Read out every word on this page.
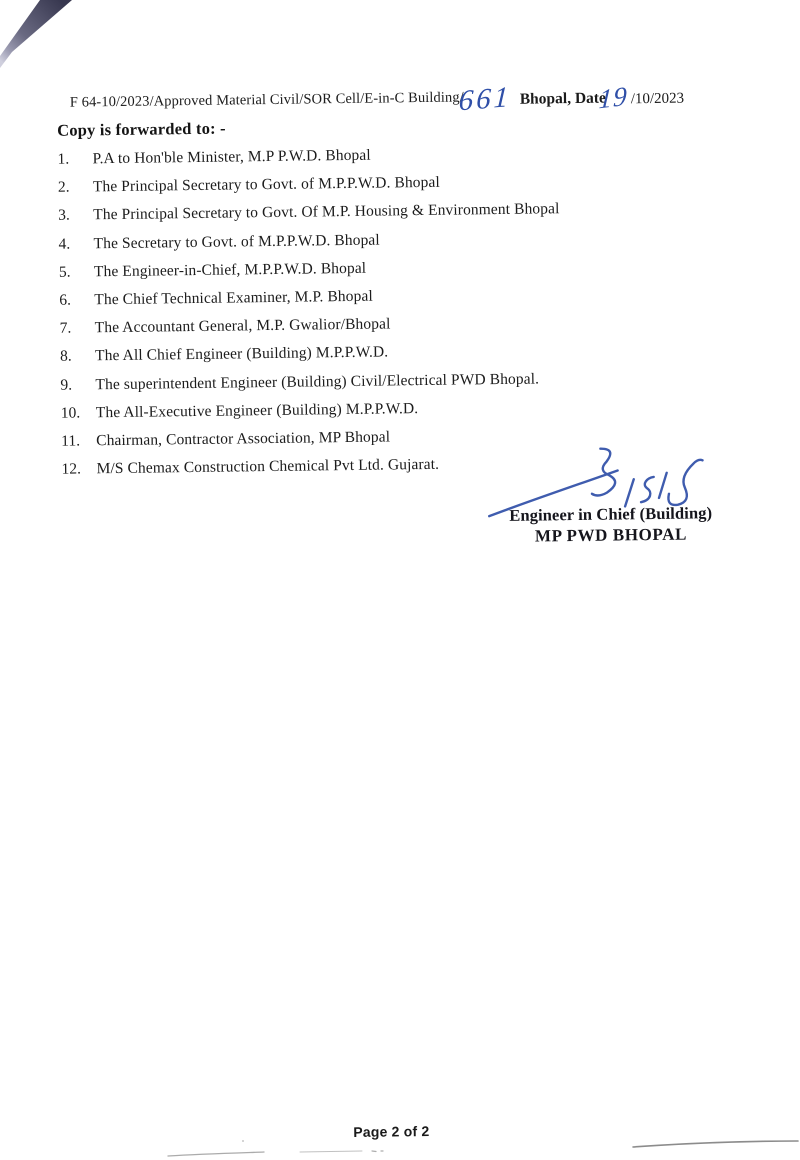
F 64-10/2023/Approved Material Civil/SOR Cell/E-in-C Building/
661 Bhopal, Date
19 /10/2023
Copy is forwarded to: -
1.	P.A to Hon'ble Minister, M.P P.W.D. Bhopal
2.	The Principal Secretary to Govt. of M.P.P.W.D. Bhopal
3.	The Principal Secretary to Govt. Of M.P. Housing & Environment Bhopal
4.	The Secretary to Govt. of M.P.P.W.D. Bhopal
5.	The Engineer-in-Chief, M.P.P.W.D. Bhopal
6.	The Chief Technical Examiner, M.P. Bhopal
7.	The Accountant General, M.P. Gwalior/Bhopal
8.	The All Chief Engineer (Building) M.P.P.W.D.
9.	The superintendent Engineer (Building) Civil/Electrical PWD Bhopal.
10. The All-Executive Engineer (Building) M.P.P.W.D.
11.	Chairman, Contractor Association, MP Bhopal
12. M/S Chemax Construction Chemical Pvt Ltd. Gujarat.
Engineer in Chief (Building)
MP PWD BHOPAL
Page 2 of 2
